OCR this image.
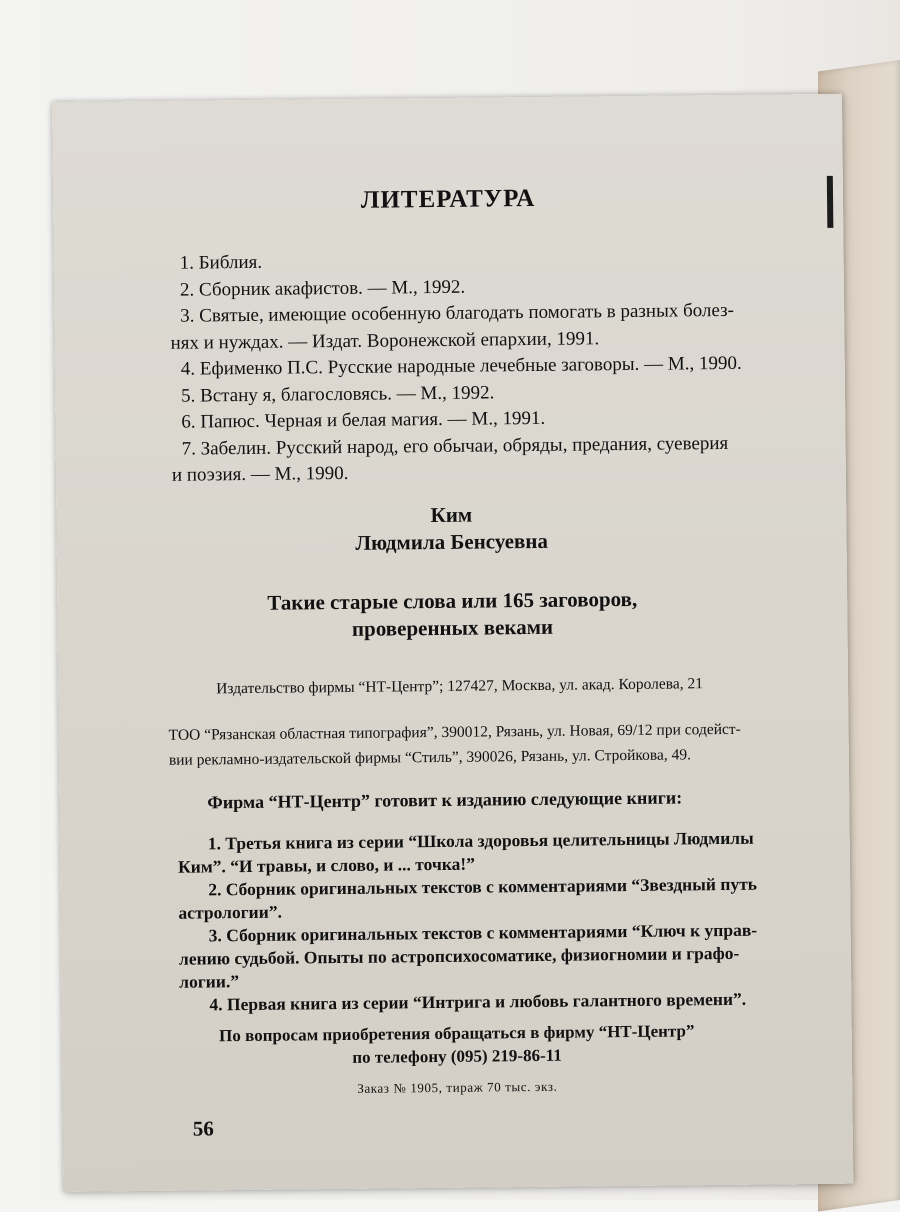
ЛИТЕРАТУРА

1. Библия.

2. Сборник акафистов. — М., 1992.

3. Святые, имеющие особенную благодать помогать в разных болез-

нях и нуждах. — Издат. Воронежской епархии, 1991.

4. Ефименко П.С. Русские народные лечебные заговоры. — М., 1990.

5. Встану я, благословясь. — М., 1992.

6. Папюс. Черная и белая магия. — М., 1991.

7. Забелин. Русский народ, его обычаи, обряды, предания, суеверия

и поэзия. — М., 1990.

Ким
Людмила Бенсуевна
Такие старые слова или 165 заговоров,
проверенных веками
Издательство фирмы “НТ-Центр”; 127427, Москва, ул. акад. Королева, 21
ТОО “Рязанская областная типография”, 390012, Рязань, ул. Новая, 69/12 при содейст-
вии рекламно-издательской фирмы “Стиль”, 390026, Рязань, ул. Стройкова, 49.
Фирма “НТ-Центр” готовит к изданию следующие книги:

1. Третья книга из серии “Школа здоровья целительницы Людмилы

Ким”. “И травы, и слово, и ... точка!”

2. Сборник оригинальных текстов с комментариями “Звездный путь

астрологии”.

3. Сборник оригинальных текстов с комментариями “Ключ к управ-

лению судьбой. Опыты по астропсихосоматике, физиогномии и графо-

логии.”

4. Первая книга из серии “Интрига и любовь галантного времени”.

По вопросам приобретения обращаться в фирму “НТ-Центр”
по телефону (095) 219-86-11
Заказ № 1905, тираж 70 тыс. экз.
56
